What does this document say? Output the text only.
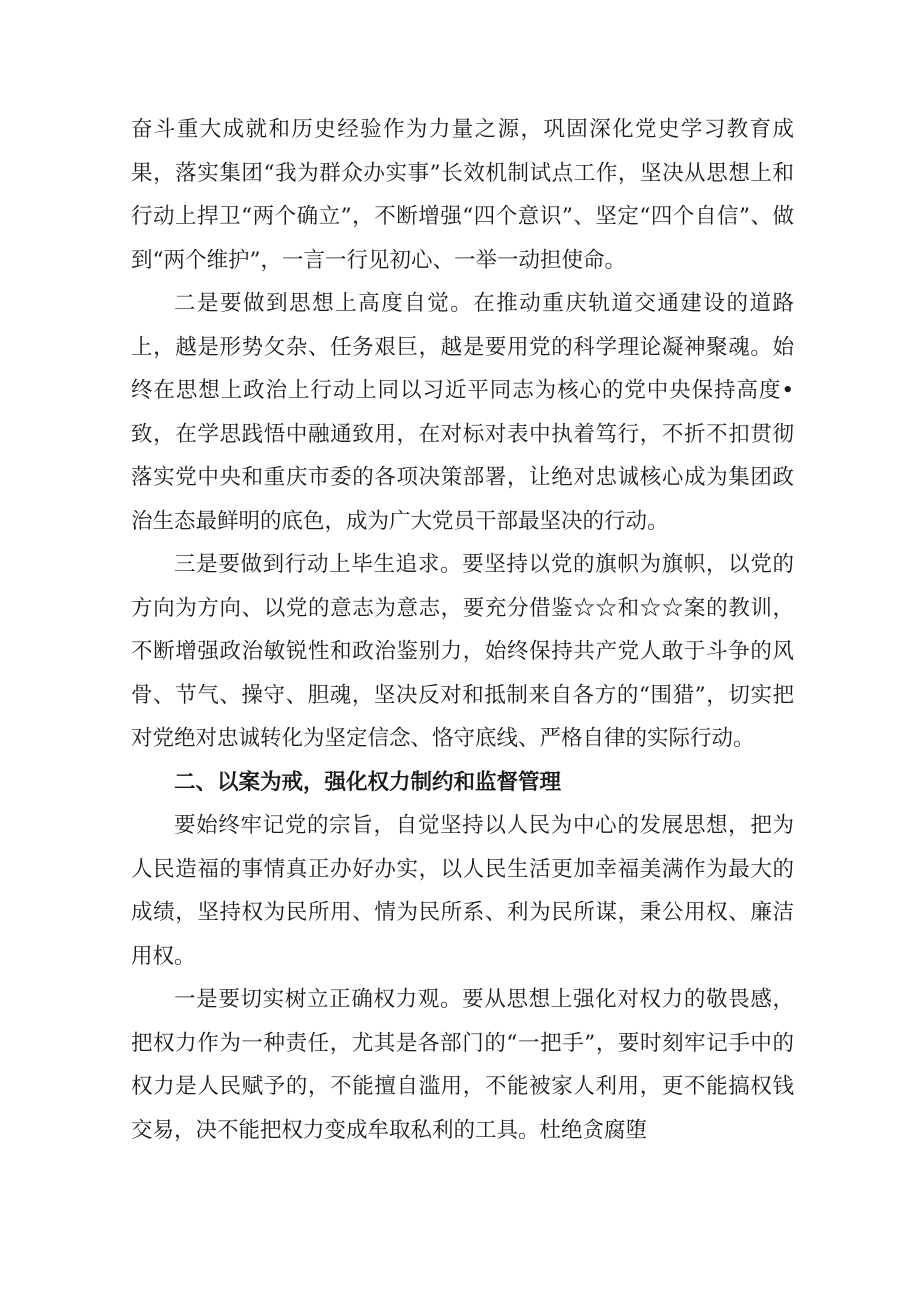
奋斗重大成就和历史经验作为力量之源，巩固深化党史学习教育成果，落实集团“我为群众办实事”长效机制试点工作，坚决从思想上和行动上捍卫“两个确立”，不断增强“四个意识”、坚定“四个自信”、做到“两个维护”，一言一行见初心、一举一动担使命。

二是要做到思想上高度自觉。在推动重庆轨道交通建设的道路上，越是形势攵杂、任务艰巨，越是要用党的科学理论凝神聚魂。始终在思想上政治上行动上同以习近平同志为核心的党中央保持高度•致，在学思践悟中融通致用，在对标对表中执着笃行，不折不扣贯彻落实党中央和重庆市委的各项决策部署，让绝对忠诚核心成为集团政治生态最鲜明的底色，成为广大党员干部最坚决的行动。

三是要做到行动上毕生追求。要坚持以党的旗帜为旗帜，以党的方向为方向、以党的意志为意志，要充分借鉴☆☆和☆☆案的教训，不断增强政治敏锐性和政治鉴别力，始终保持共产党人敢于斗争的风骨、节气、操守、胆魂，坚决反对和抵制来自各方的“围猎”，切实把对党绝对忠诚转化为坚定信念、恪守底线、严格自律的实际行动。

二、以案为戒，强化权力制约和监督管理

要始终牢记党的宗旨，自觉坚持以人民为中心的发展思想，把为人民造福的事情真正办好办实，以人民生活更加幸福美满作为最大的成绩，坚持权为民所用、情为民所系、利为民所谋，秉公用权、廉洁用权。

一是要切实树立正确权力观。要从思想上强化对权力的敬畏感，把权力作为一种责任，尤其是各部门的“一把手”，要时刻牢记手中的权力是人民赋予的，不能擅自滥用，不能被家人利用，更不能搞权钱交易，决不能把权力变成牟取私利的工具。杜绝贪腐堕
